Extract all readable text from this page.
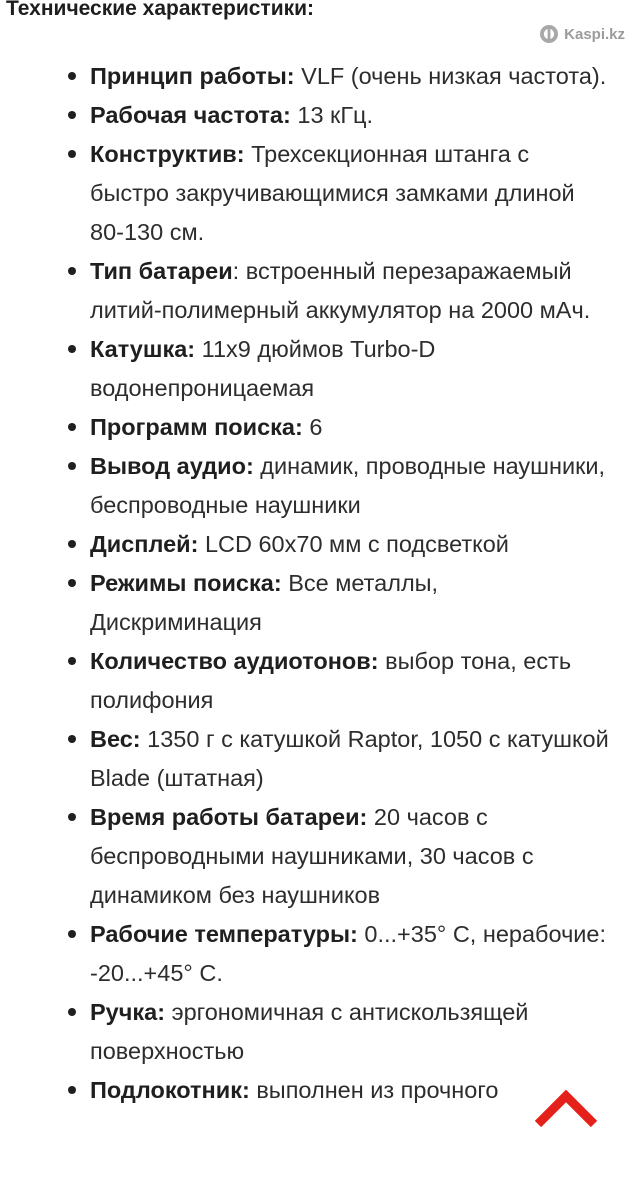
Технические характеристики:
Kaspi.kz
Принцип работы: VLF (очень низкая частота).
Рабочая частота: 13 кГц.
Конструктив: Трехсекционная штанга с быстро закручивающимися замками длиной 80-130 см.
Тип батареи: встроенный перезаражаемый литий-полимерный аккумулятор на 2000 мАч.
Катушка: 11х9 дюймов Turbo-D водонепроницаемая
Программ поиска: 6
Вывод аудио: динамик, проводные наушники, беспроводные наушники
Дисплей: LCD 60х70 мм с подсветкой
Режимы поиска: Все металлы, Дискриминация
Количество аудиотонов: выбор тона, есть полифония
Вес: 1350 г с катушкой Raptor, 1050 с катушкой Blade (штатная)
Время работы батареи: 20 часов с беспроводными наушниками, 30 часов с динамиком без наушников
Рабочие температуры: 0...+35° С, нерабочие: -20...+45° С.
Ручка: эргономичная с антискользящей поверхностью
Подлокотник: выполнен из прочного
